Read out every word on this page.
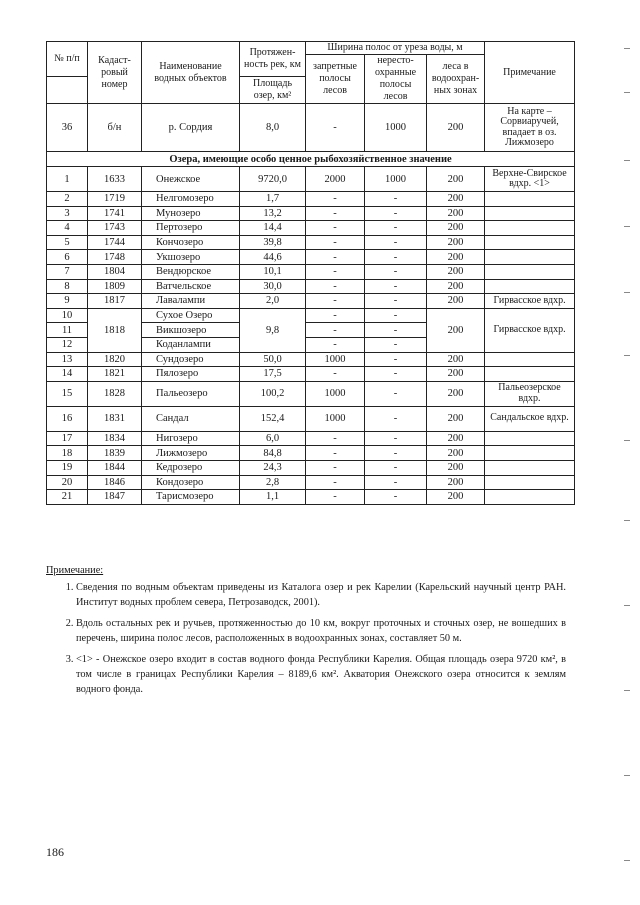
№ п/п	Кадаст-ровый номер	Наименование водных объектов	Протяжен-ность рек, км	Ширина полос от уреза воды, м			Примечание
				запретные полосы лесов	нересто-охранные полосы лесов	леса в водоохран-ных зонах	
			Площадь озер, км²				
36	б/н	р. Сордия	8,0	-	1000	200	На карте – Сорвиаручей, впадает в оз. Лижмозеро
Озера, имеющие особо ценное рыбохозяйственное значение							
1	1633	Онежское	9720,0	2000	1000	200	Верхне-Свирское вдхр. <1>
2	1719	Нелгомозеро	1,7	-	-	200	
3	1741	Мунозеро	13,2	-	-	200	
4	1743	Пертозеро	14,4	-	-	200	
5	1744	Кончозеро	39,8	-	-	200	
6	1748	Укшозеро	44,6	-	-	200	
7	1804	Вендюрское	10,1	-	-	200	
8	1809	Ватчельское	30,0	-	-	200	
9	1817	Лавалампи	2,0	-	-	200	Гирвасское вдхр.
10	1818	Сухое Озеро	9,8	-	-	200	Гирвасское вдхр.
11		Викшозеро		-	-		
12		Коданлампи		-	-		
13	1820	Сундозеро	50,0	1000	-	200	
14	1821	Пялозеро	17,5	-	-	200	
15	1828	Пальеозеро	100,2	1000	-	200	Пальеозерское вдхр.
16	1831	Сандал	152,4	1000	-	200	Сандальское вдхр.
17	1834	Нигозеро	6,0	-	-	200	
18	1839	Лижмозеро	84,8	-	-	200	
19	1844	Кедрозеро	24,3	-	-	200	
20	1846	Кондозеро	2,8	-	-	200	
21	1847	Тарисмозеро	1,1	-	-	200	
Примечание:
1. Сведения по водным объектам приведены из Каталога озер и рек Карелии (Карельский научный центр РАН. Институт водных проблем севера, Петрозаводск, 2001).
2. Вдоль остальных рек и ручьев, протяженностью до 10 км, вокруг проточных и сточных озер, не вошедших в перечень, ширина полос лесов, расположенных в водоохранных зонах, составляет 50 м.
3. <1> - Онежское озеро входит в состав водного фонда Республики Карелия. Общая площадь озера 9720 км², в том числе в границах Республики Карелия – 8189,6 км². Акватория Онежского озера относится к землям водного фонда.
186
